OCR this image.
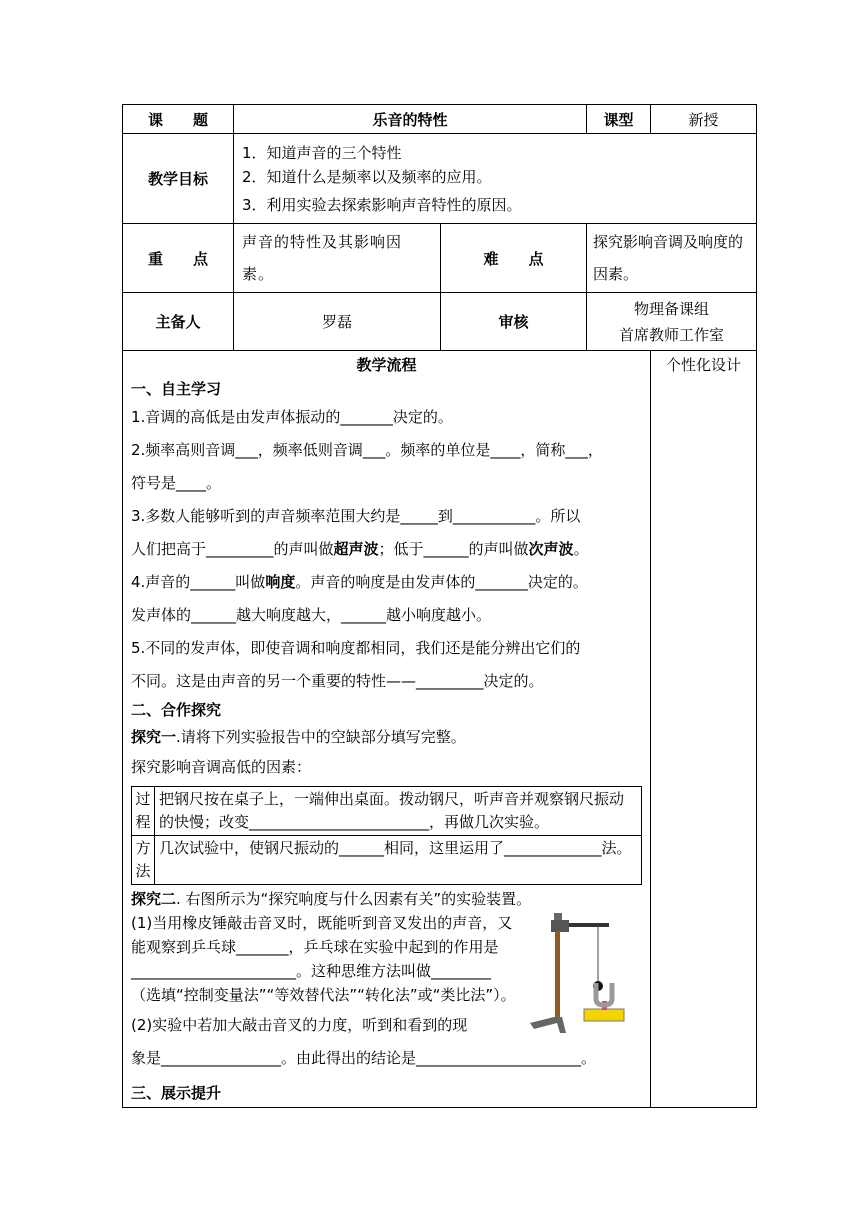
课　　题	乐音的特性	课型	新授
教学目标	
1．知道声音的三个特性
2．知道什么是频率以及频率的应用。
3．利用实验去探索影响声音特性的原因。

重　　点	声音的特性及其影响因素。	难　　点	探究影响音调及响度的因素。
主备人	罗磊	审核	
物理备课组
首席教师工作室

教学流程

一、自主学习

1.音调的高低是由发声体振动的_______决定的。

2.频率高则音调___，频率低则音调___。频率的单位是____，简称___，

符号是____。

3.多数人能够听到的声音频率范围大约是_____到___________。所以

人们把高于_________的声叫做超声波；低于______的声叫做次声波。

4.声音的______叫做响度。声音的响度是由发声体的_______决定的。

发声体的______越大响度越大，______越小响度越小。

5.不同的发声体，即使音调和响度都相同，我们还是能分辨出它们的

不同。这是由声音的另一个重要的特性——_________决定的。

二、合作探究

探究一.请将下列实验报告中的空缺部分填写完整。

探究影响音调高低的因素：

过程	把钢尺按在桌子上，一端伸出桌面。拨动钢尺，听声音并观察钢尺振动的快慢；改变________________________，再做几次实验。
方法	几次试验中，使钢尺振动的______相同，这里运用了_____________法。

探究二. 右图所示为“探究响度与什么因素有关”的实验装置。

(1)当用橡皮锤敲击音叉时，既能听到音叉发出的声音，又能观察到乒乓球_______，乒乓球在实验中起到的作用是______________________。这种思维方法叫做________（选填“控制变量法”“等效替代法”“转化法”或“类比法”）。

(2)实验中若加大敲击音叉的力度，听到和看到的现

象是________________。由此得出的结论是______________________。

三、展示提升

	个性化设计
